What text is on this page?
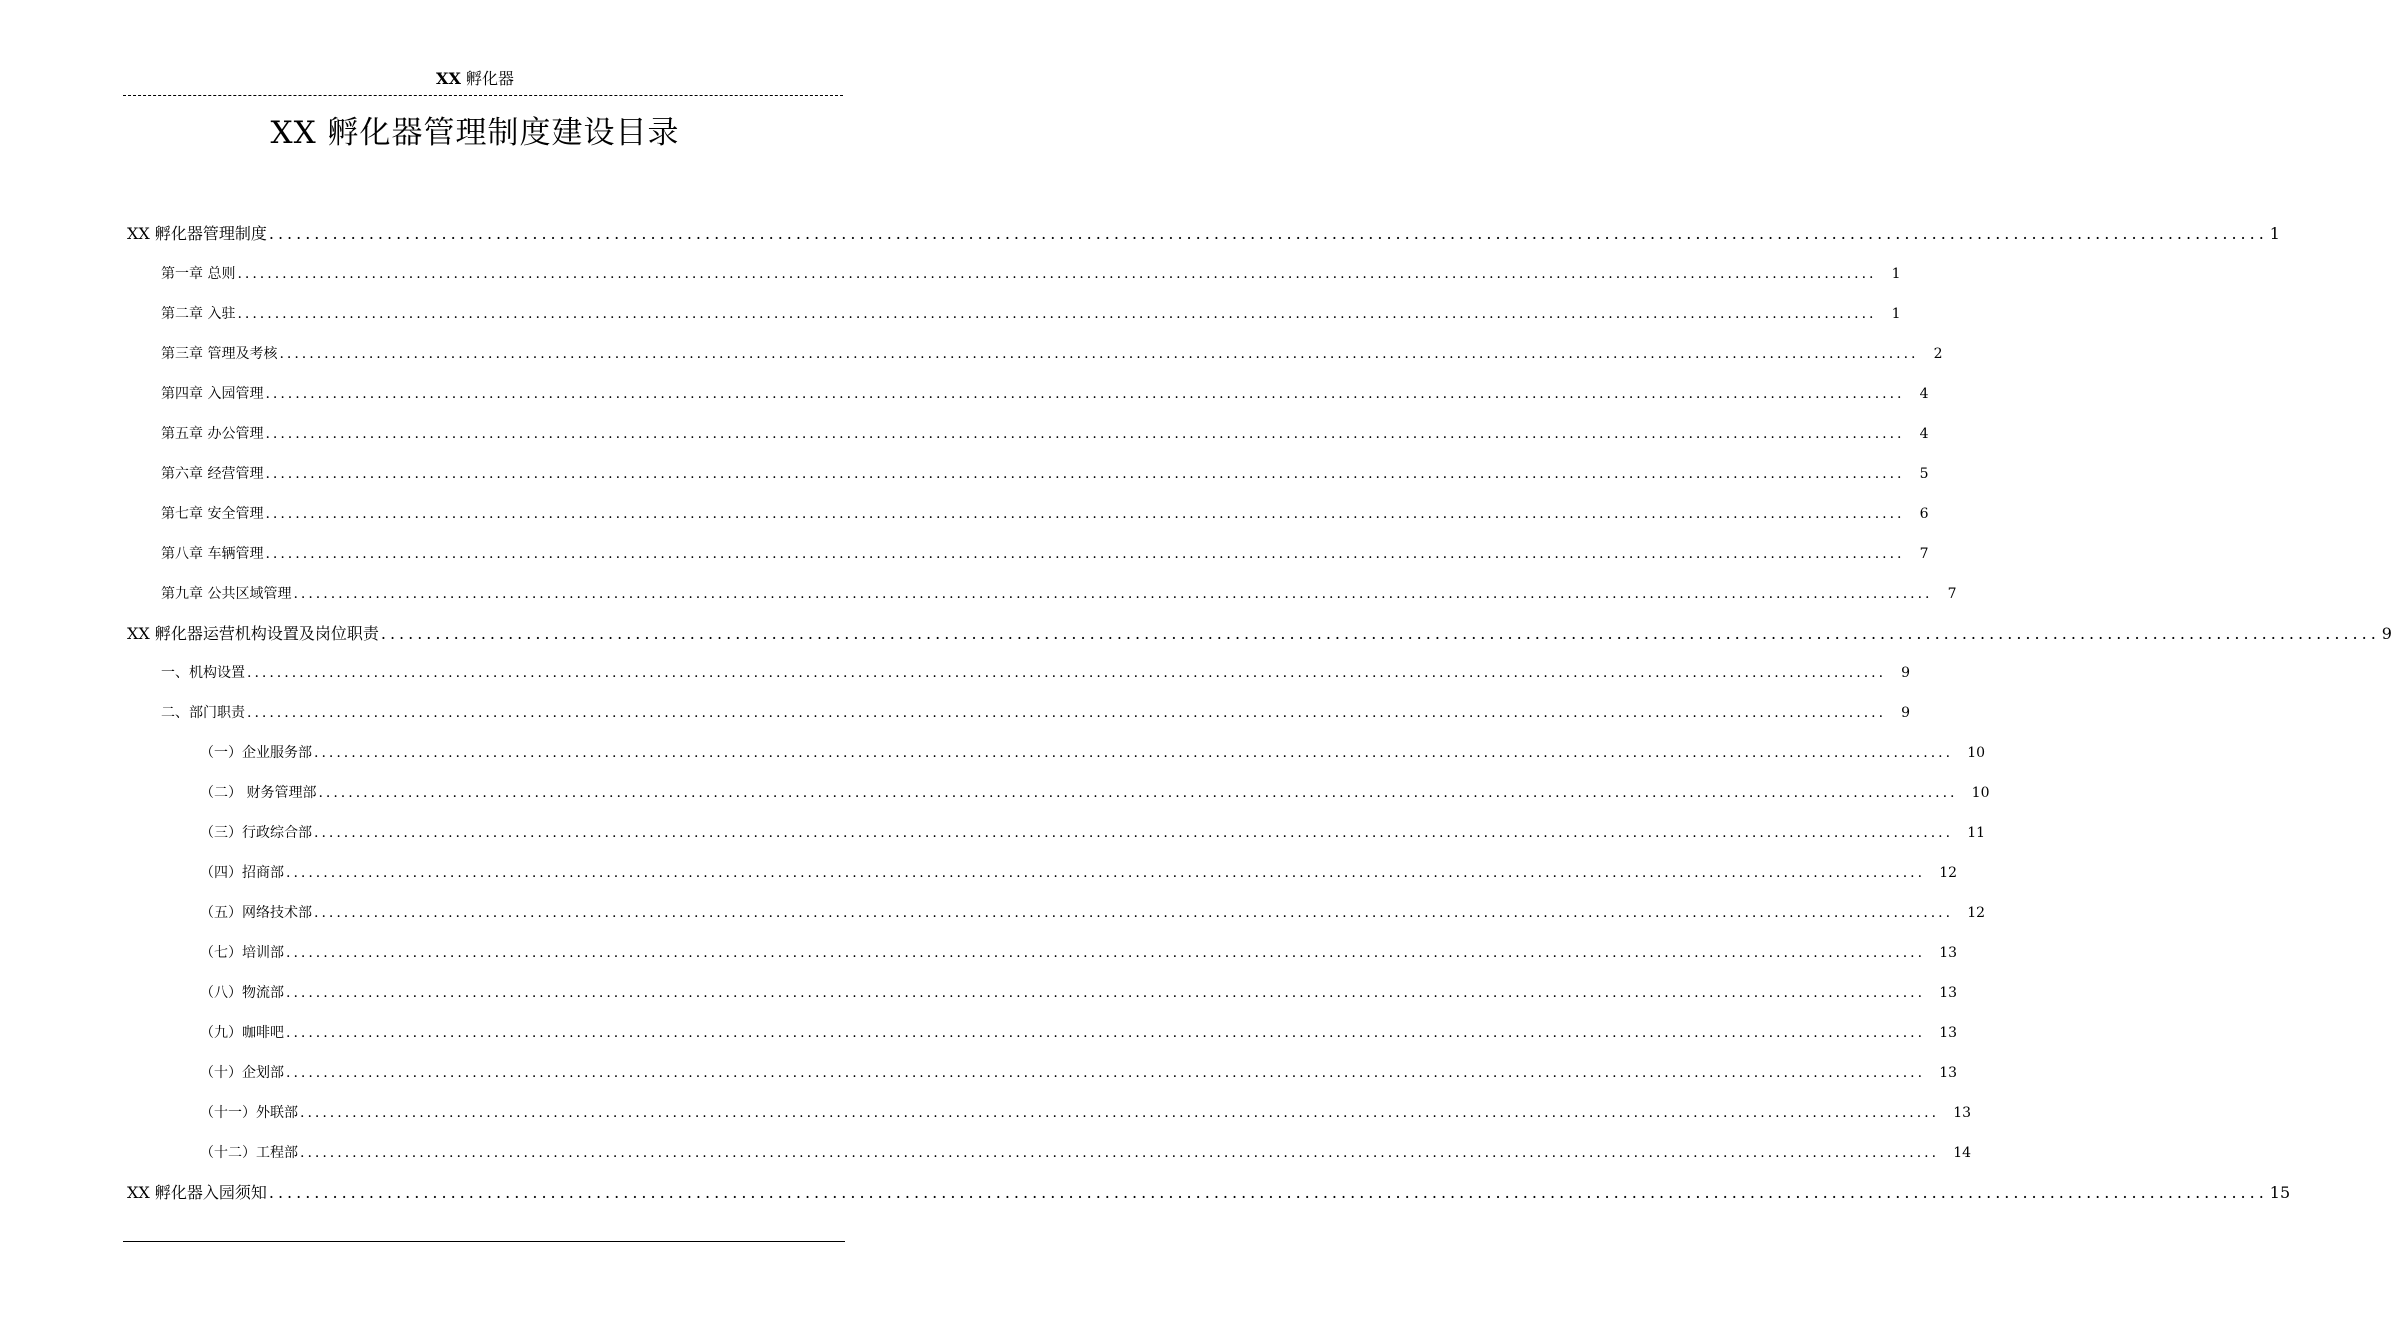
XX 孵化器
XX 孵化器管理制度建设目录
XX 孵化器管理制度 ............................................................................................................................................................................................................................ 1
第一章 总则 ............................................................................................................................................................................................................................	1
第二章 入驻 ............................................................................................................................................................................................................................	1
第三章 管理及考核 ............................................................................................................................................................................................................................	2
第四章 入园管理 ............................................................................................................................................................................................................................	4
第五章 办公管理 ............................................................................................................................................................................................................................	4
第六章 经营管理 ............................................................................................................................................................................................................................	5
第七章 安全管理 ............................................................................................................................................................................................................................	6
第八章 车辆管理 ............................................................................................................................................................................................................................	7
第九章 公共区域管理 ............................................................................................................................................................................................................................	7
XX 孵化器运营机构设置及岗位职责 ............................................................................................................................................................................................................................ 9
一、机构设置 ............................................................................................................................................................................................................................	9
二、部门职责 ............................................................................................................................................................................................................................	9
（一）企业服务部 ............................................................................................................................................................................................................................	10
（二） 财务管理部 ............................................................................................................................................................................................................................	10
（三）行政综合部 ............................................................................................................................................................................................................................	11
（四）招商部 ............................................................................................................................................................................................................................	12
（五）网络技术部 ............................................................................................................................................................................................................................	12
（七）培训部 ............................................................................................................................................................................................................................	13
（八）物流部 ............................................................................................................................................................................................................................	13
（九）咖啡吧 ............................................................................................................................................................................................................................	13
（十）企划部 ............................................................................................................................................................................................................................	13
（十一）外联部 ............................................................................................................................................................................................................................	13
（十二）工程部 ............................................................................................................................................................................................................................	14
XX 孵化器入园须知 ............................................................................................................................................................................................................................ 15
